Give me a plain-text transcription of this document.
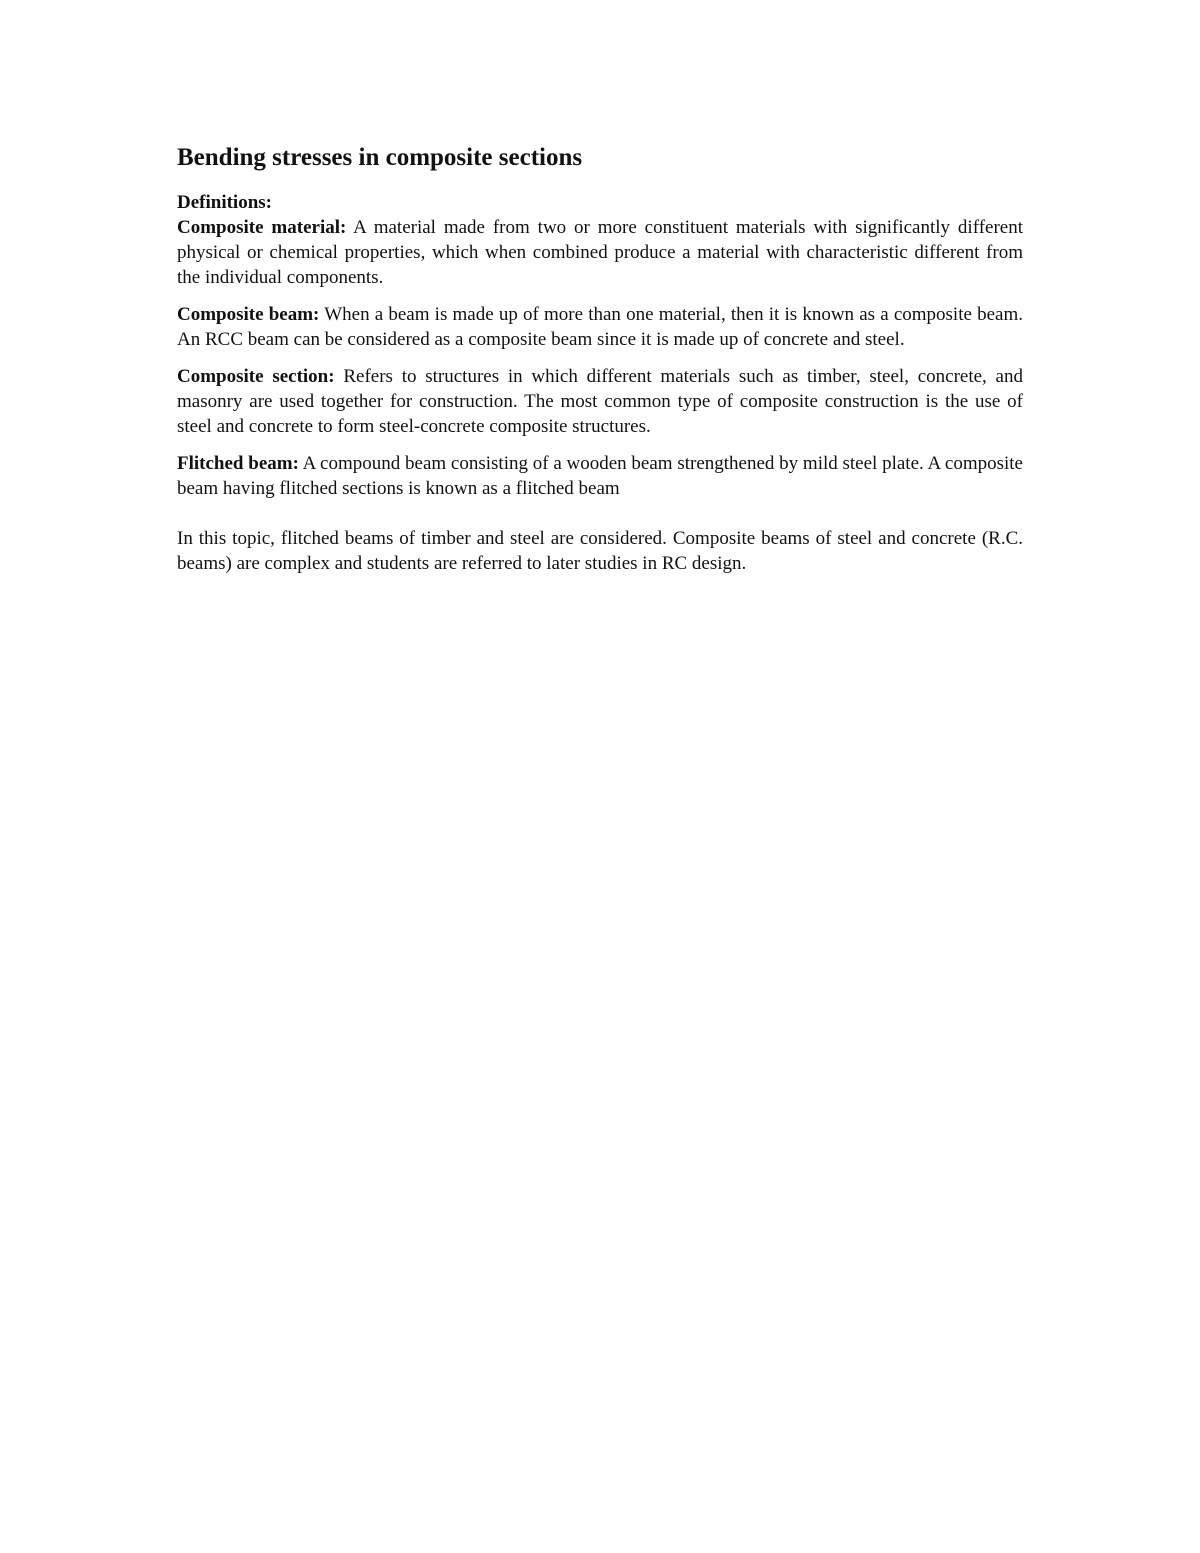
Bending stresses in composite sections
Definitions:

Composite material: A material made from two or more constituent materials with significantly different physical or chemical properties, which when combined produce a material with characteristic different from the individual components.

Composite beam: When a beam is made up of more than one material, then it is known as a composite beam. An RCC beam can be considered as a composite beam since it is made up of concrete and steel.

Composite section: Refers to structures in which different materials such as timber, steel, concrete, and masonry are used together for construction. The most common type of composite construction is the use of steel and concrete to form steel-concrete composite structures.

Flitched beam: A compound beam consisting of a wooden beam strengthened by mild steel plate. A composite beam having flitched sections is known as a flitched beam

In this topic, flitched beams of timber and steel are considered. Composite beams of steel and concrete (R.C. beams) are complex and students are referred to later studies in RC design.
